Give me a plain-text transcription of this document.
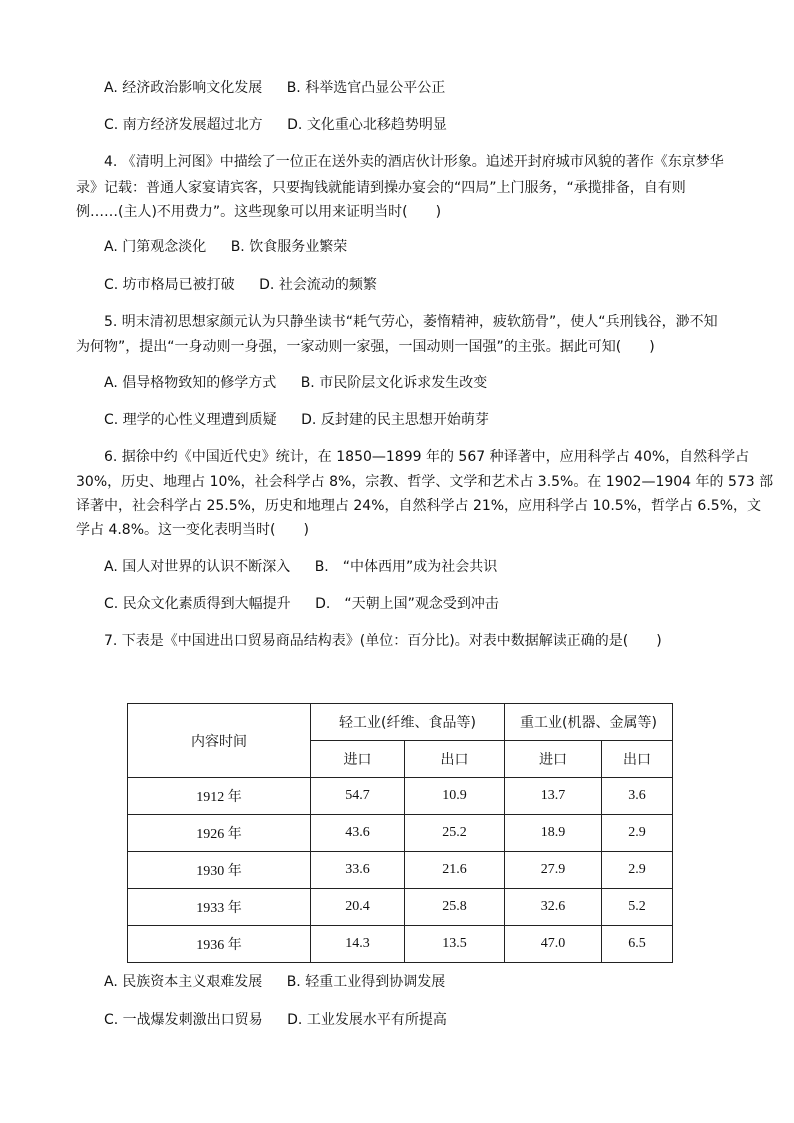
A. 经济政治影响文化发展 B. 科举选官凸显公平公正
C. 南方经济发展超过北方 D. 文化重心北移趋势明显
4. 《清明上河图》中描绘了一位正在送外卖的酒店伙计形象。追述开封府城市风貌的著作《东京梦华
录》记载：普通人家宴请宾客，只要掏钱就能请到操办宴会的“四局”上门服务，“承揽排备，自有则
例……(主人)不用费力”。这些现象可以用来证明当时(　　)
A. 门第观念淡化 B. 饮食服务业繁荣
C. 坊市格局已被打破 D. 社会流动的频繁
5. 明末清初思想家颜元认为只静坐读书“耗气劳心，萎惰精神，疲软筋骨”，使人“兵刑钱谷，渺不知
为何物”，提出“一身动则一身强，一家动则一家强，一国动则一国强”的主张。据此可知(　　)
A. 倡导格物致知的修学方式 B. 市民阶层文化诉求发生改变
C. 理学的心性义理遭到质疑 D. 反封建的民主思想开始萌芽
6. 据徐中约《中国近代史》统计，在 1850—1899 年的 567 种译著中，应用科学占 40%，自然科学占
30%，历史、地理占 10%，社会科学占 8%，宗教、哲学、文学和艺术占 3.5%。在 1902—1904 年的 573 部
译著中，社会科学占 25.5%，历史和地理占 24%，自然科学占 21%，应用科学占 10.5%，哲学占 6.5%，文
学占 4.8%。这一变化表明当时(　　)
A. 国人对世界的认识不断深入 B.　“中体西用”成为社会共识
C. 民众文化素质得到大幅提升 D.　“天朝上国”观念受到冲击
7. 下表是《中国进出口贸易商品结构表》(单位：百分比)。对表中数据解读正确的是(　　)
内容时间	轻工业(纤维、食品等)		重工业(机器、金属等)	
	进口	出口	进口	出口
1912 年	54.7	10.9	13.7	3.6
1926 年	43.6	25.2	18.9	2.9
1930 年	33.6	21.6	27.9	2.9
1933 年	20.4	25.8	32.6	5.2
1936 年	14.3	13.5	47.0	6.5
A. 民族资本主义艰难发展 B. 轻重工业得到协调发展
C. 一战爆发刺激出口贸易 D. 工业发展水平有所提高
